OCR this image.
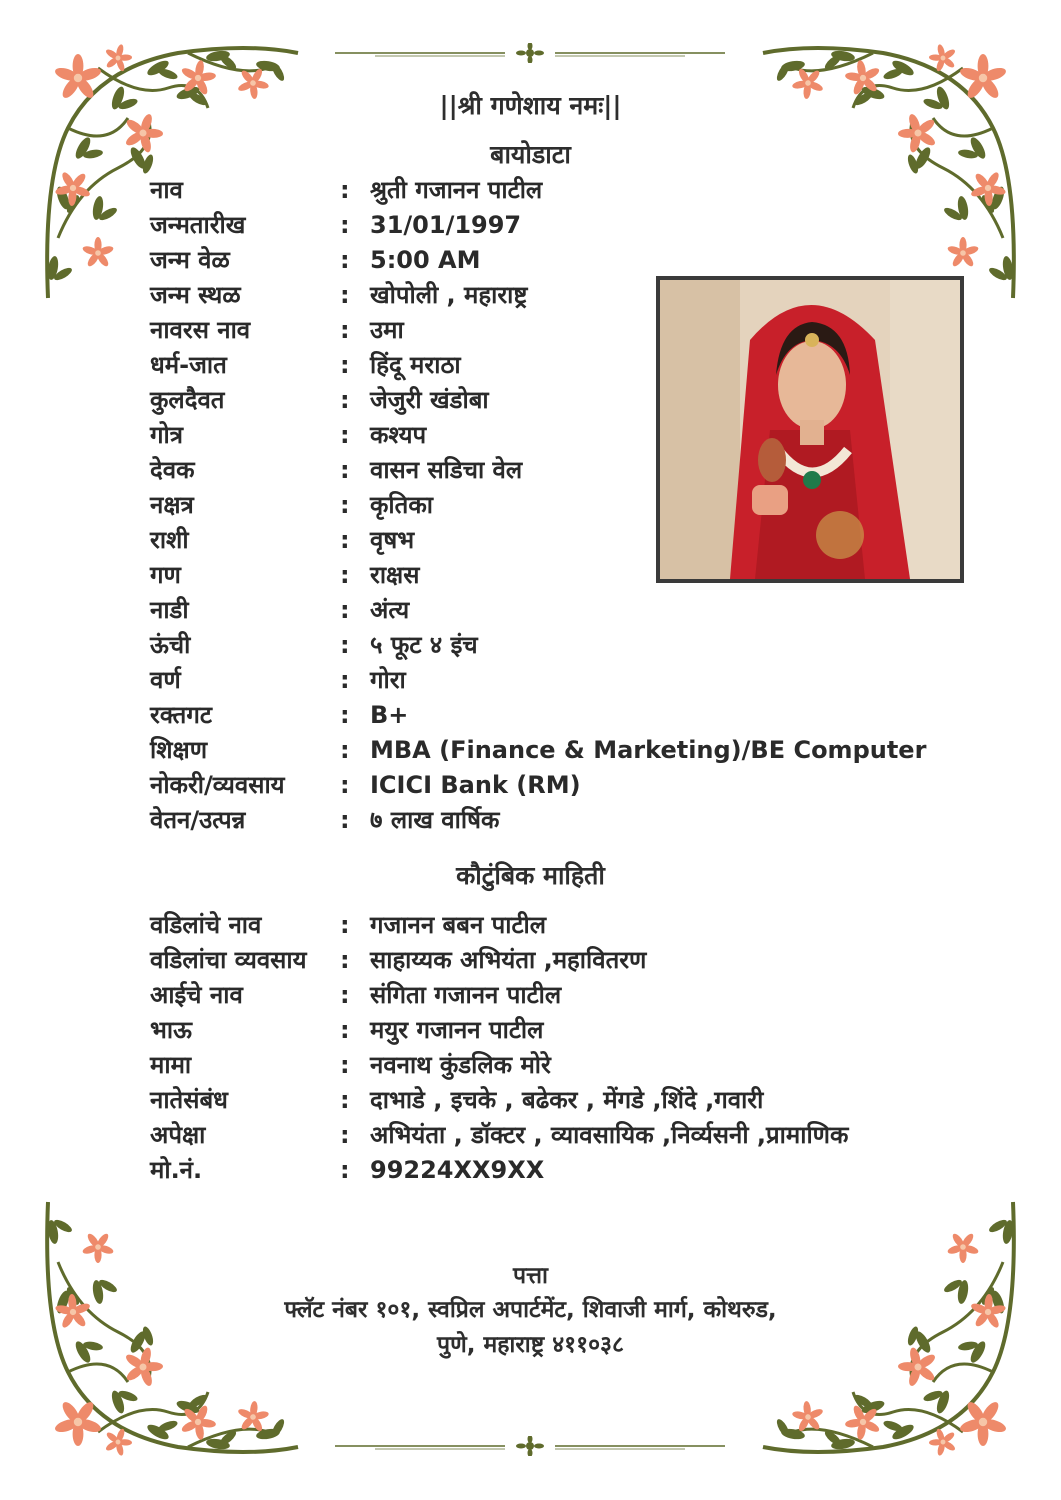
||श्री गणेशाय नमः||
बायोडाटा
नाव	: श्रुती गजानन पाटील
जन्मतारीख	: 31/01/1997
जन्म वेळ	: 5:00 AM
जन्म स्थळ	: खोपोली , महाराष्ट्र
नावरस नाव	: उमा
धर्म-जात	: हिंदू मराठा
कुलदैवत	: जेजुरी खंडोबा
गोत्र	: कश्यप
देवक	: वासन सडिचा वेल
नक्षत्र	: कृतिका
राशी	: वृषभ
गण	: राक्षस
नाडी	: अंत्य
ऊंची	: ५ फूट ४ इंच
वर्ण	: गोरा
रक्तगट	: B+
शिक्षण	: MBA (Finance & Marketing)/BE Computer
नोकरी/व्यवसाय : ICICI Bank (RM)
वेतन/उत्पन्न	: ७ लाख वार्षिक
कौटुंबिक माहिती
वडिलांचे नाव	: गजानन बबन पाटील
वडिलांचा व्यवसाय : साहाय्यक अभियंता ,महावितरण
आईचे नाव	: संगिता गजानन पाटील
भाऊ	: मयुर गजानन पाटील
मामा	: नवनाथ कुंडलिक मोरे
नातेसंबंध	: दाभाडे , इचके , बढेकर , मेंगडे ,शिंदे ,गवारी
अपेक्षा	: अभियंता , डॉक्टर , व्यावसायिक ,निर्व्यसनी ,प्रामाणिक
मो.नं.	: 99224XX9XX
पत्ता
फ्लॅट नंबर १०१, स्वप्रिल अपार्टमेंट, शिवाजी मार्ग, कोथरुड,
पुणे, महाराष्ट्र ४११०३८
